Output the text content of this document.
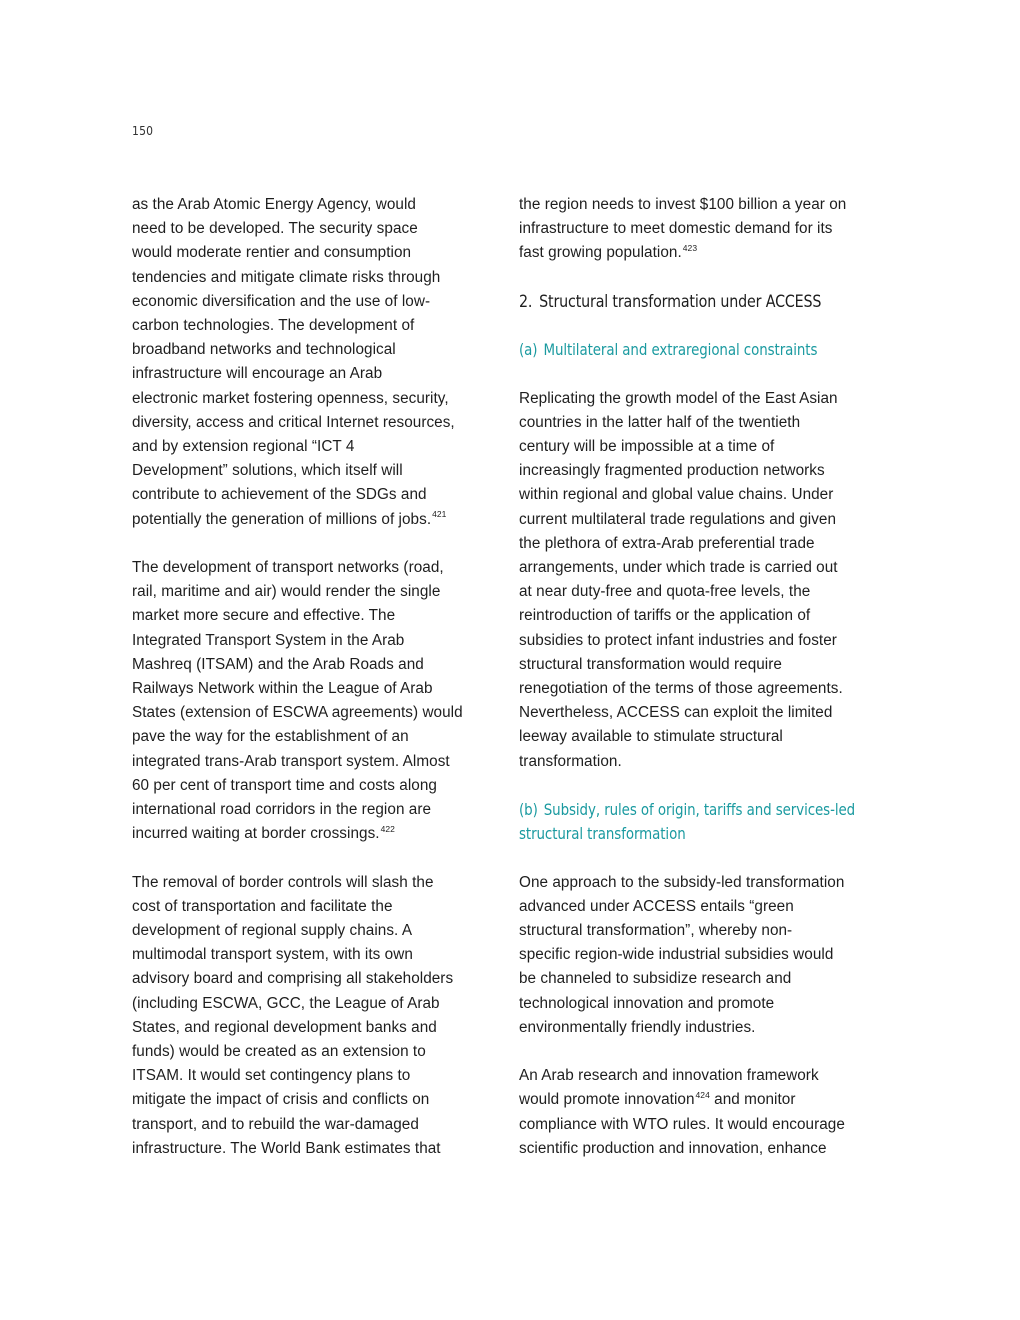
150

as the Arab Atomic Energy Agency, would
need to be developed. The security space
would moderate rentier and consumption
tendencies and mitigate climate risks through
economic diversification and the use of low-
carbon technologies. The development of
broadband networks and technological
infrastructure will encourage an Arab
electronic market fostering openness, security,
diversity, access and critical Internet resources,
and by extension regional “ICT 4
Development” solutions, which itself will
contribute to achievement of the SDGs and
potentially the generation of millions of jobs.$^{421}$

The development of transport networks (road,
rail, maritime and air) would render the single
market more secure and effective. The
Integrated Transport System in the Arab
Mashreq (ITSAM) and the Arab Roads and
Railways Network within the League of Arab
States (extension of ESCWA agreements) would
pave the way for the establishment of an
integrated trans-Arab transport system. Almost
60 per cent of transport time and costs along
international road corridors in the region are
incurred waiting at border crossings.$^{422}$

The removal of border controls will slash the
cost of transportation and facilitate the
development of regional supply chains. A
multimodal transport system, with its own
advisory board and comprising all stakeholders
(including ESCWA, GCC, the League of Arab
States, and regional development banks and
funds) would be created as an extension to
ITSAM. It would set contingency plans to
mitigate the impact of crisis and conflicts on
transport, and to rebuild the war-damaged
infrastructure. The World Bank estimates that

the region needs to invest $100 billion a year on
infrastructure to meet domestic demand for its
fast growing population.$^{423}$

2. Structural transformation under ACCESS
(a) Multilateral and extraregional constraints

Replicating the growth model of the East Asian
countries in the latter half of the twentieth
century will be impossible at a time of
increasingly fragmented production networks
within regional and global value chains. Under
current multilateral trade regulations and given
the plethora of extra-Arab preferential trade
arrangements, under which trade is carried out
at near duty-free and quota-free levels, the
reintroduction of tariffs or the application of
subsidies to protect infant industries and foster
structural transformation would require
renegotiation of the terms of those agreements.
Nevertheless, ACCESS can exploit the limited
leeway available to stimulate structural
transformation.

(b) Subsidy, rules of origin, tariffs and services-led
structural transformation

One approach to the subsidy-led transformation
advanced under ACCESS entails “green
structural transformation”, whereby non-
specific region-wide industrial subsidies would
be channeled to subsidize research and
technological innovation and promote
environmentally friendly industries.

An Arab research and innovation framework
would promote innovation$^{424}$ and monitor
compliance with WTO rules. It would encourage
scientific production and innovation, enhance
